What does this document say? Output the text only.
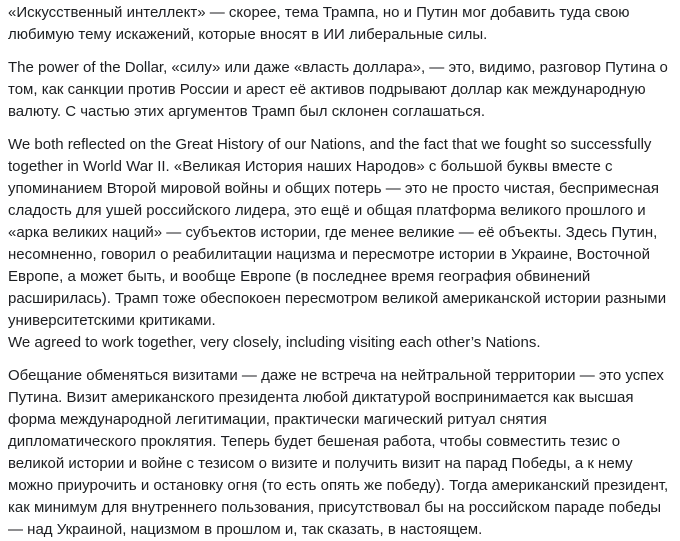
«Искусственный интеллект» — скорее, тема Трампа, но и Путин мог добавить туда свою любимую тему искажений, которые вносят в ИИ либеральные силы.

The power of the Dollar, «силу» или даже «власть доллара», — это, видимо, разговор Путина о том, как санкции против России и арест её активов подрывают доллар как международную валюту. С частью этих аргументов Трамп был склонен соглашаться.

We both reflected on the Great History of our Nations, and the fact that we fought so successfully together in World War II. «Великая История наших Народов» с большой буквы вместе с упоминанием Второй мировой войны и общих потерь — это не просто чистая, беспримесная сладость для ушей российского лидера, это ещё и общая платформа великого прошлого и «арка великих наций» — субъектов истории, где менее великие — её объекты. Здесь Путин, несомненно, говорил о реабилитации нацизма и пересмотре истории в Украине, Восточной Европе, а может быть, и вообще Европе (в последнее время география обвинений расширилась). Трамп тоже обеспокоен пересмотром великой американской истории разными университетскими критиками.
We agreed to work together, very closely, including visiting each other’s Nations.

Обещание обменяться визитами — даже не встреча на нейтральной территории — это успех Путина. Визит американского президента любой диктатурой воспринимается как высшая форма международной легитимации, практически магический ритуал снятия дипломатического проклятия. Теперь будет бешеная работа, чтобы совместить тезис о великой истории и войне с тезисом о визите и получить визит на парад Победы, а к нему можно приурочить и остановку огня (то есть опять же победу). Тогда американский президент, как минимум для внутреннего пользования, присутствовал бы на российском параде победы — над Украиной, нацизмом в прошлом и, так сказать, в настоящем.
